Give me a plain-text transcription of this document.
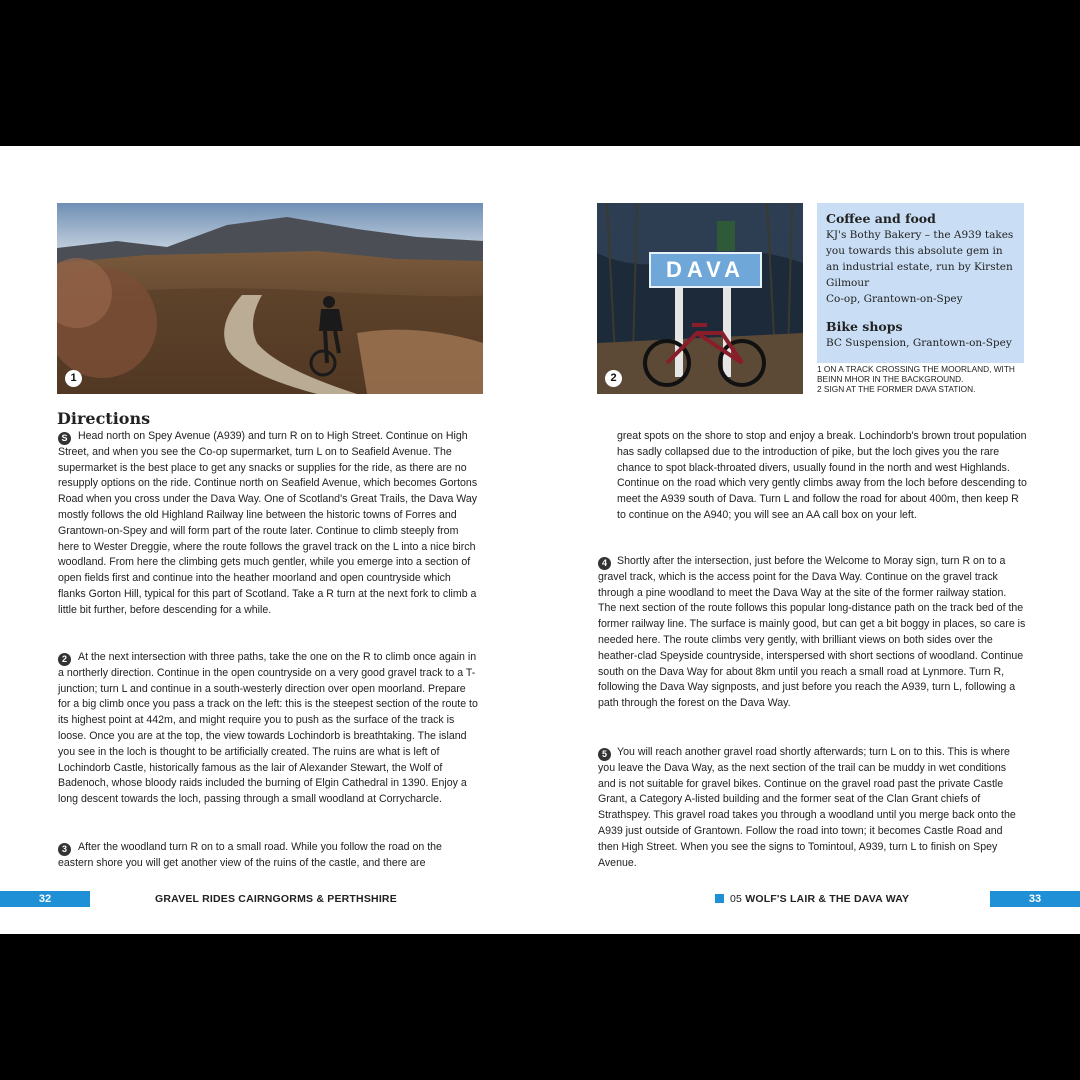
1
DAVA
2
Coffee and food

KJ's Bothy Bakery – the A939 takes you towards this absolute gem in an industrial estate, run by Kirsten Gilmour

Co-op, Grantown-on-Spey

Bike shops

BC Suspension, Grantown-on-Spey

1 ON A TRACK CROSSING THE MOORLAND, WITH BEINN MHOR IN THE BACKGROUND.
2 SIGN AT THE FORMER DAVA STATION.
Directions
S Head north on Spey Avenue (A939) and turn R on to High Street. Continue on High Street, and when you see the Co-op supermarket, turn L on to Seafield Avenue. The supermarket is the best place to get any snacks or supplies for the ride, as there are no resupply options on the ride. Continue north on Seafield Avenue, which becomes Gortons Road when you cross under the Dava Way. One of Scotland's Great Trails, the Dava Way mostly follows the old Highland Railway line between the historic towns of Forres and Grantown-on-Spey and will form part of the route later. Continue to climb steeply from here to Wester Dreggie, where the route follows the gravel track on the L into a nice birch woodland. From here the climbing gets much gentler, while you emerge into a section of open fields first and continue into the heather moorland and open countryside which flanks Gorton Hill, typical for this part of Scotland. Take a R turn at the next fork to climb a little bit further, before descending for a while.

2	At the next intersection with three paths, take the one on the R to climb once again in a northerly direction. Continue in the open countryside on a very good gravel track to a T-junction; turn L and continue in a south-westerly direction over open moorland. Prepare for a big climb once you pass a track on the left: this is the steepest section of the route to its highest point at 442m, and might require you to push as the surface of the track is loose. Once you are at the top, the view towards Lochindorb is breathtaking. The island you see in the loch is thought to be artificially created. The ruins are what is left of Lochindorb Castle, historically famous as the lair of Alexander Stewart, the Wolf of Badenoch, whose bloody raids included the burning of Elgin Cathedral in 1390. Enjoy a long descent towards the loch, passing through a small woodland at Corrycharcle.

3	After the woodland turn R on to a small road. While you follow the road on the eastern shore you will get another view of the ruins of the castle, and there are

great spots on the shore to stop and enjoy a break. Lochindorb's brown trout population has sadly collapsed due to the introduction of pike, but the loch gives you the rare chance to spot black-throated divers, usually found in the north and west Highlands. Continue on the road which very gently climbs away from the loch before descending to meet the A939 south of Dava. Turn L and follow the road for about 400m, then keep R to continue on the A940; you will see an AA call box on your left.

4 Shortly after the intersection, just before the Welcome to Moray sign, turn R on to a gravel track, which is the access point for the Dava Way. Continue on the gravel track through a pine woodland to meet the Dava Way at the site of the former railway station. The next section of the route follows this popular long-distance path on the track bed of the former railway line. The surface is mainly good, but can get a bit boggy in places, so care is needed here. The route climbs very gently, with brilliant views on both sides over the heather-clad Speyside countryside, interspersed with short sections of woodland. Continue south on the Dava Way for about 8km until you reach a small road at Lynmore. Turn R, following the Dava Way signposts, and just before you reach the A939, turn L, following a path through the forest on the Dava Way.

5 You will reach another gravel road shortly afterwards; turn L on to this. This is where you leave the Dava Way, as the next section of the trail can be muddy in wet conditions and is not suitable for gravel bikes. Continue on the gravel road past the private Castle Grant, a Category A-listed building and the former seat of the Clan Grant chiefs of Strathspey. This gravel road takes you through a woodland until you merge back onto the A939 just outside of Grantown. Follow the road into town; it becomes Castle Road and then High Street. When you see the signs to Tomintoul, A939, turn L to finish on Spey Avenue.

32	GRAVEL RIDES CAIRNGORMS & PERTHSHIRE	05 WOLF'S LAIR & THE DAVA WAY	33
